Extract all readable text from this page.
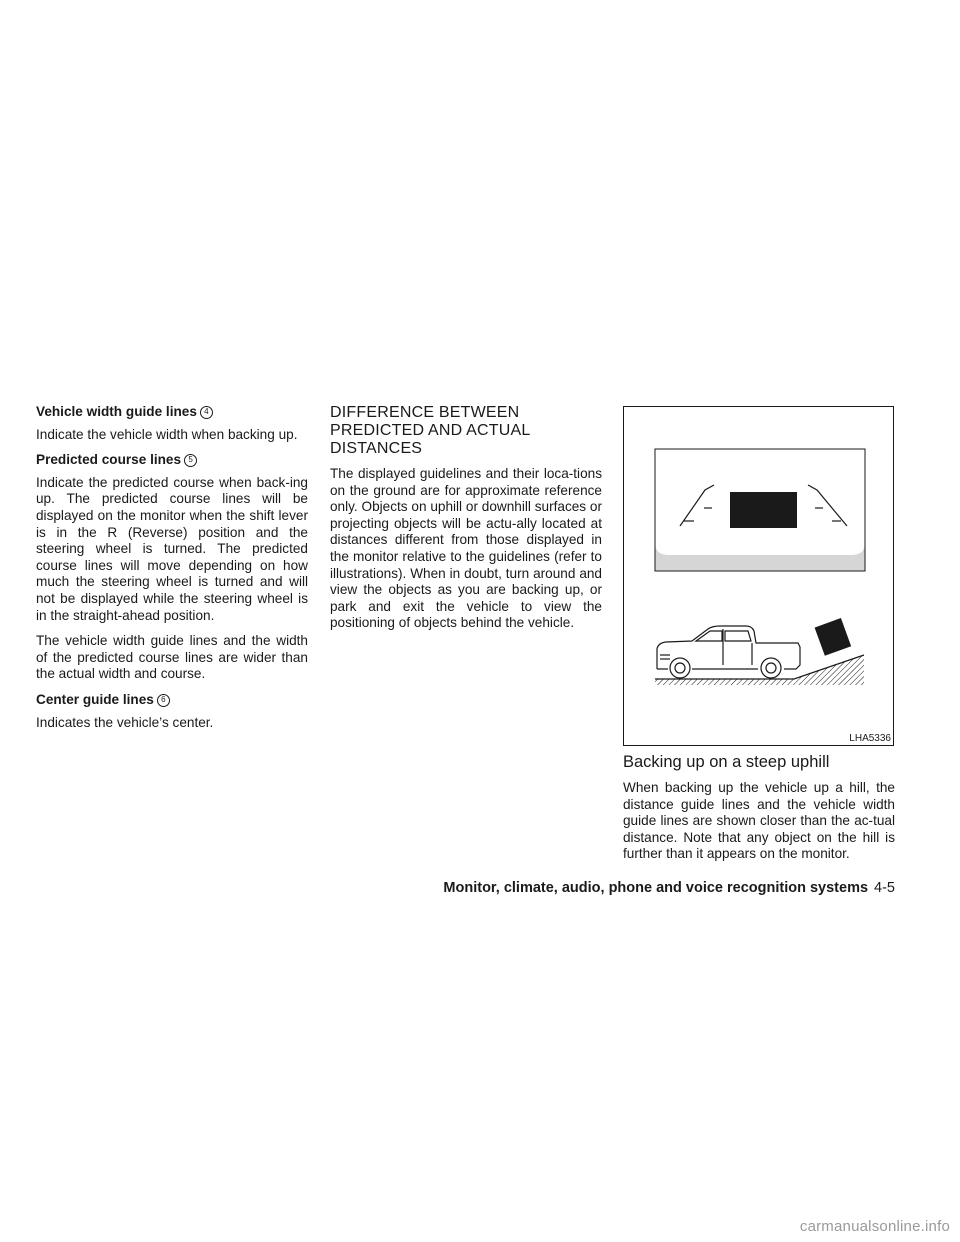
Vehicle width guide lines 4

Indicate the vehicle width when backing up.

Predicted course lines 5

Indicate the predicted course when back-ing up. The predicted course lines will be displayed on the monitor when the shift lever is in the R (Reverse) position and the steering wheel is turned. The predicted course lines will move depending on how much the steering wheel is turned and will not be displayed while the steering wheel is in the straight-ahead position.

The vehicle width guide lines and the width of the predicted course lines are wider than the actual width and course.

Center guide lines 6

Indicates the vehicle’s center.

DIFFERENCE BETWEEN PREDICTED AND ACTUAL DISTANCES

The displayed guidelines and their loca-tions on the ground are for approximate reference only. Objects on uphill or downhill surfaces or projecting objects will be actu-ally located at distances different from those displayed in the monitor relative to the guidelines (refer to illustrations). When in doubt, turn around and view the objects as you are backing up, or park and exit the vehicle to view the positioning of objects behind the vehicle.

LHA5336
Backing up on a steep uphill

When backing up the vehicle up a hill, the distance guide lines and the vehicle width guide lines are shown closer than the ac-tual distance. Note that any object on the hill is further than it appears on the monitor.

Monitor, climate, audio, phone and voice recognition systems 4-5
carmanualsonline.info
